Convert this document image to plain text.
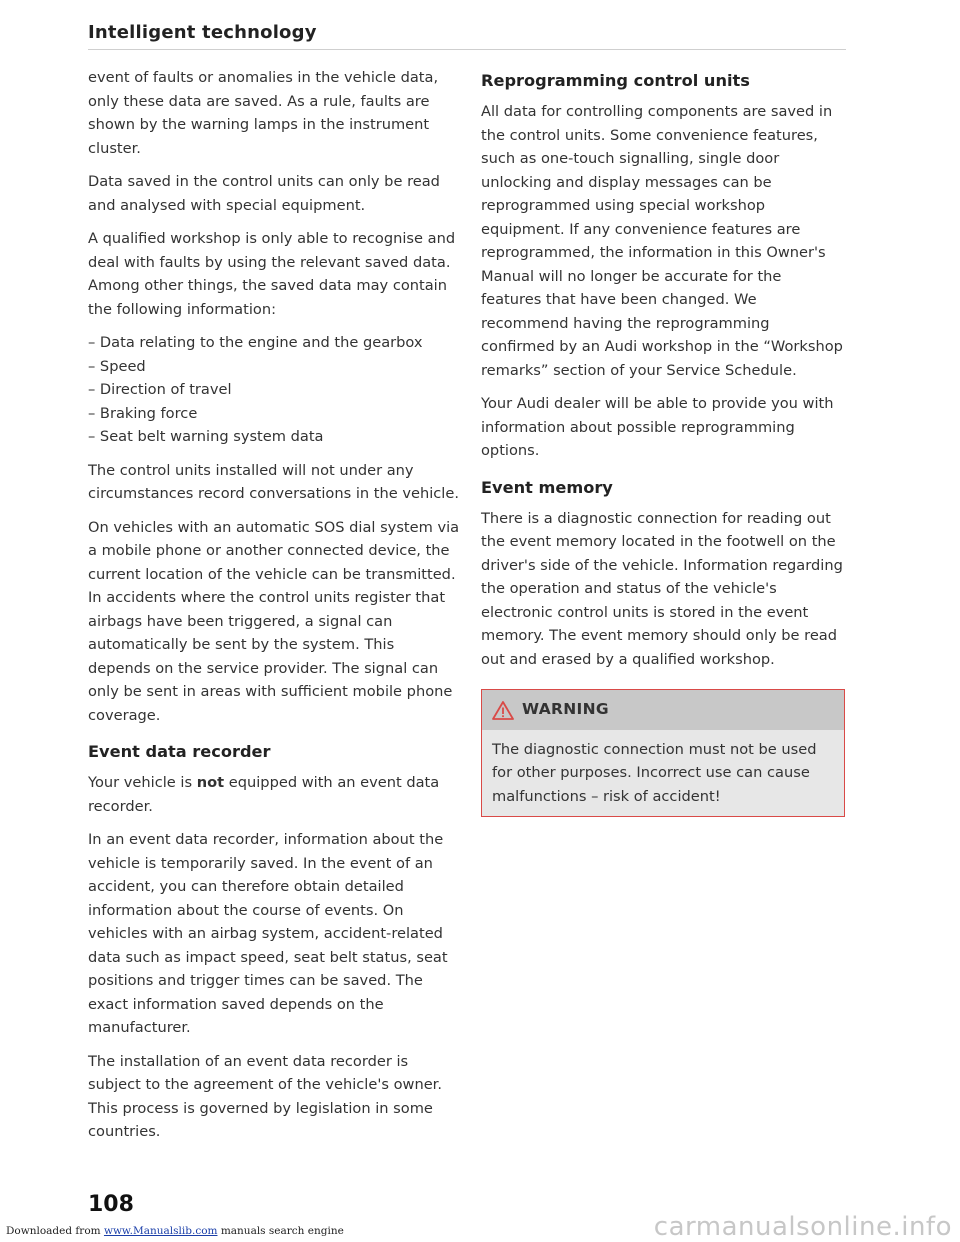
Intelligent technology

event of faults or anomalies in the vehicle data, only these data are saved. As a rule, faults are shown by the warning lamps in the instrument cluster.

Data saved in the control units can only be read and analysed with special equipment.

A qualified workshop is only able to recognise and deal with faults by using the relevant saved data. Among other things, the saved data may contain the following information:

– Data relating to the engine and the gearbox
– Speed
– Direction of travel
– Braking force
– Seat belt warning system data

The control units installed will not under any circumstances record conversations in the vehicle.

On vehicles with an automatic SOS dial system via a mobile phone or another connected device, the current location of the vehicle can be transmitted. In accidents where the control units register that airbags have been triggered, a signal can automatically be sent by the system. This depends on the service provider. The signal can only be sent in areas with sufficient mobile phone coverage.

Event data recorder

Your vehicle is not equipped with an event data recorder.

In an event data recorder, information about the vehicle is temporarily saved. In the event of an accident, you can therefore obtain detailed information about the course of events. On vehicles with an airbag system, accident-related data such as impact speed, seat belt status, seat positions and trigger times can be saved. The exact information saved depends on the manufacturer.

The installation of an event data recorder is subject to the agreement of the vehicle's owner. This process is governed by legislation in some countries.

Reprogramming control units

All data for controlling components are saved in the control units. Some convenience features, such as one-touch signalling, single door unlocking and display messages can be reprogrammed using special workshop equipment. If any convenience features are reprogrammed, the information in this Owner's Manual will no longer be accurate for the features that have been changed. We recommend having the reprogramming confirmed by an Audi workshop in the “Workshop remarks” section of your Service Schedule.

Your Audi dealer will be able to provide you with information about possible reprogramming options.

Event memory

There is a diagnostic connection for reading out the event memory located in the footwell on the driver's side of the vehicle. Information regarding the operation and status of the vehicle's electronic control units is stored in the event memory. The event memory should only be read out and erased by a qualified workshop.

WARNING
The diagnostic connection must not be used for other purposes. Incorrect use can cause malfunctions – risk of accident!
108
Downloaded from www.Manualslib.com manuals search engine	carmanualsonline.info
